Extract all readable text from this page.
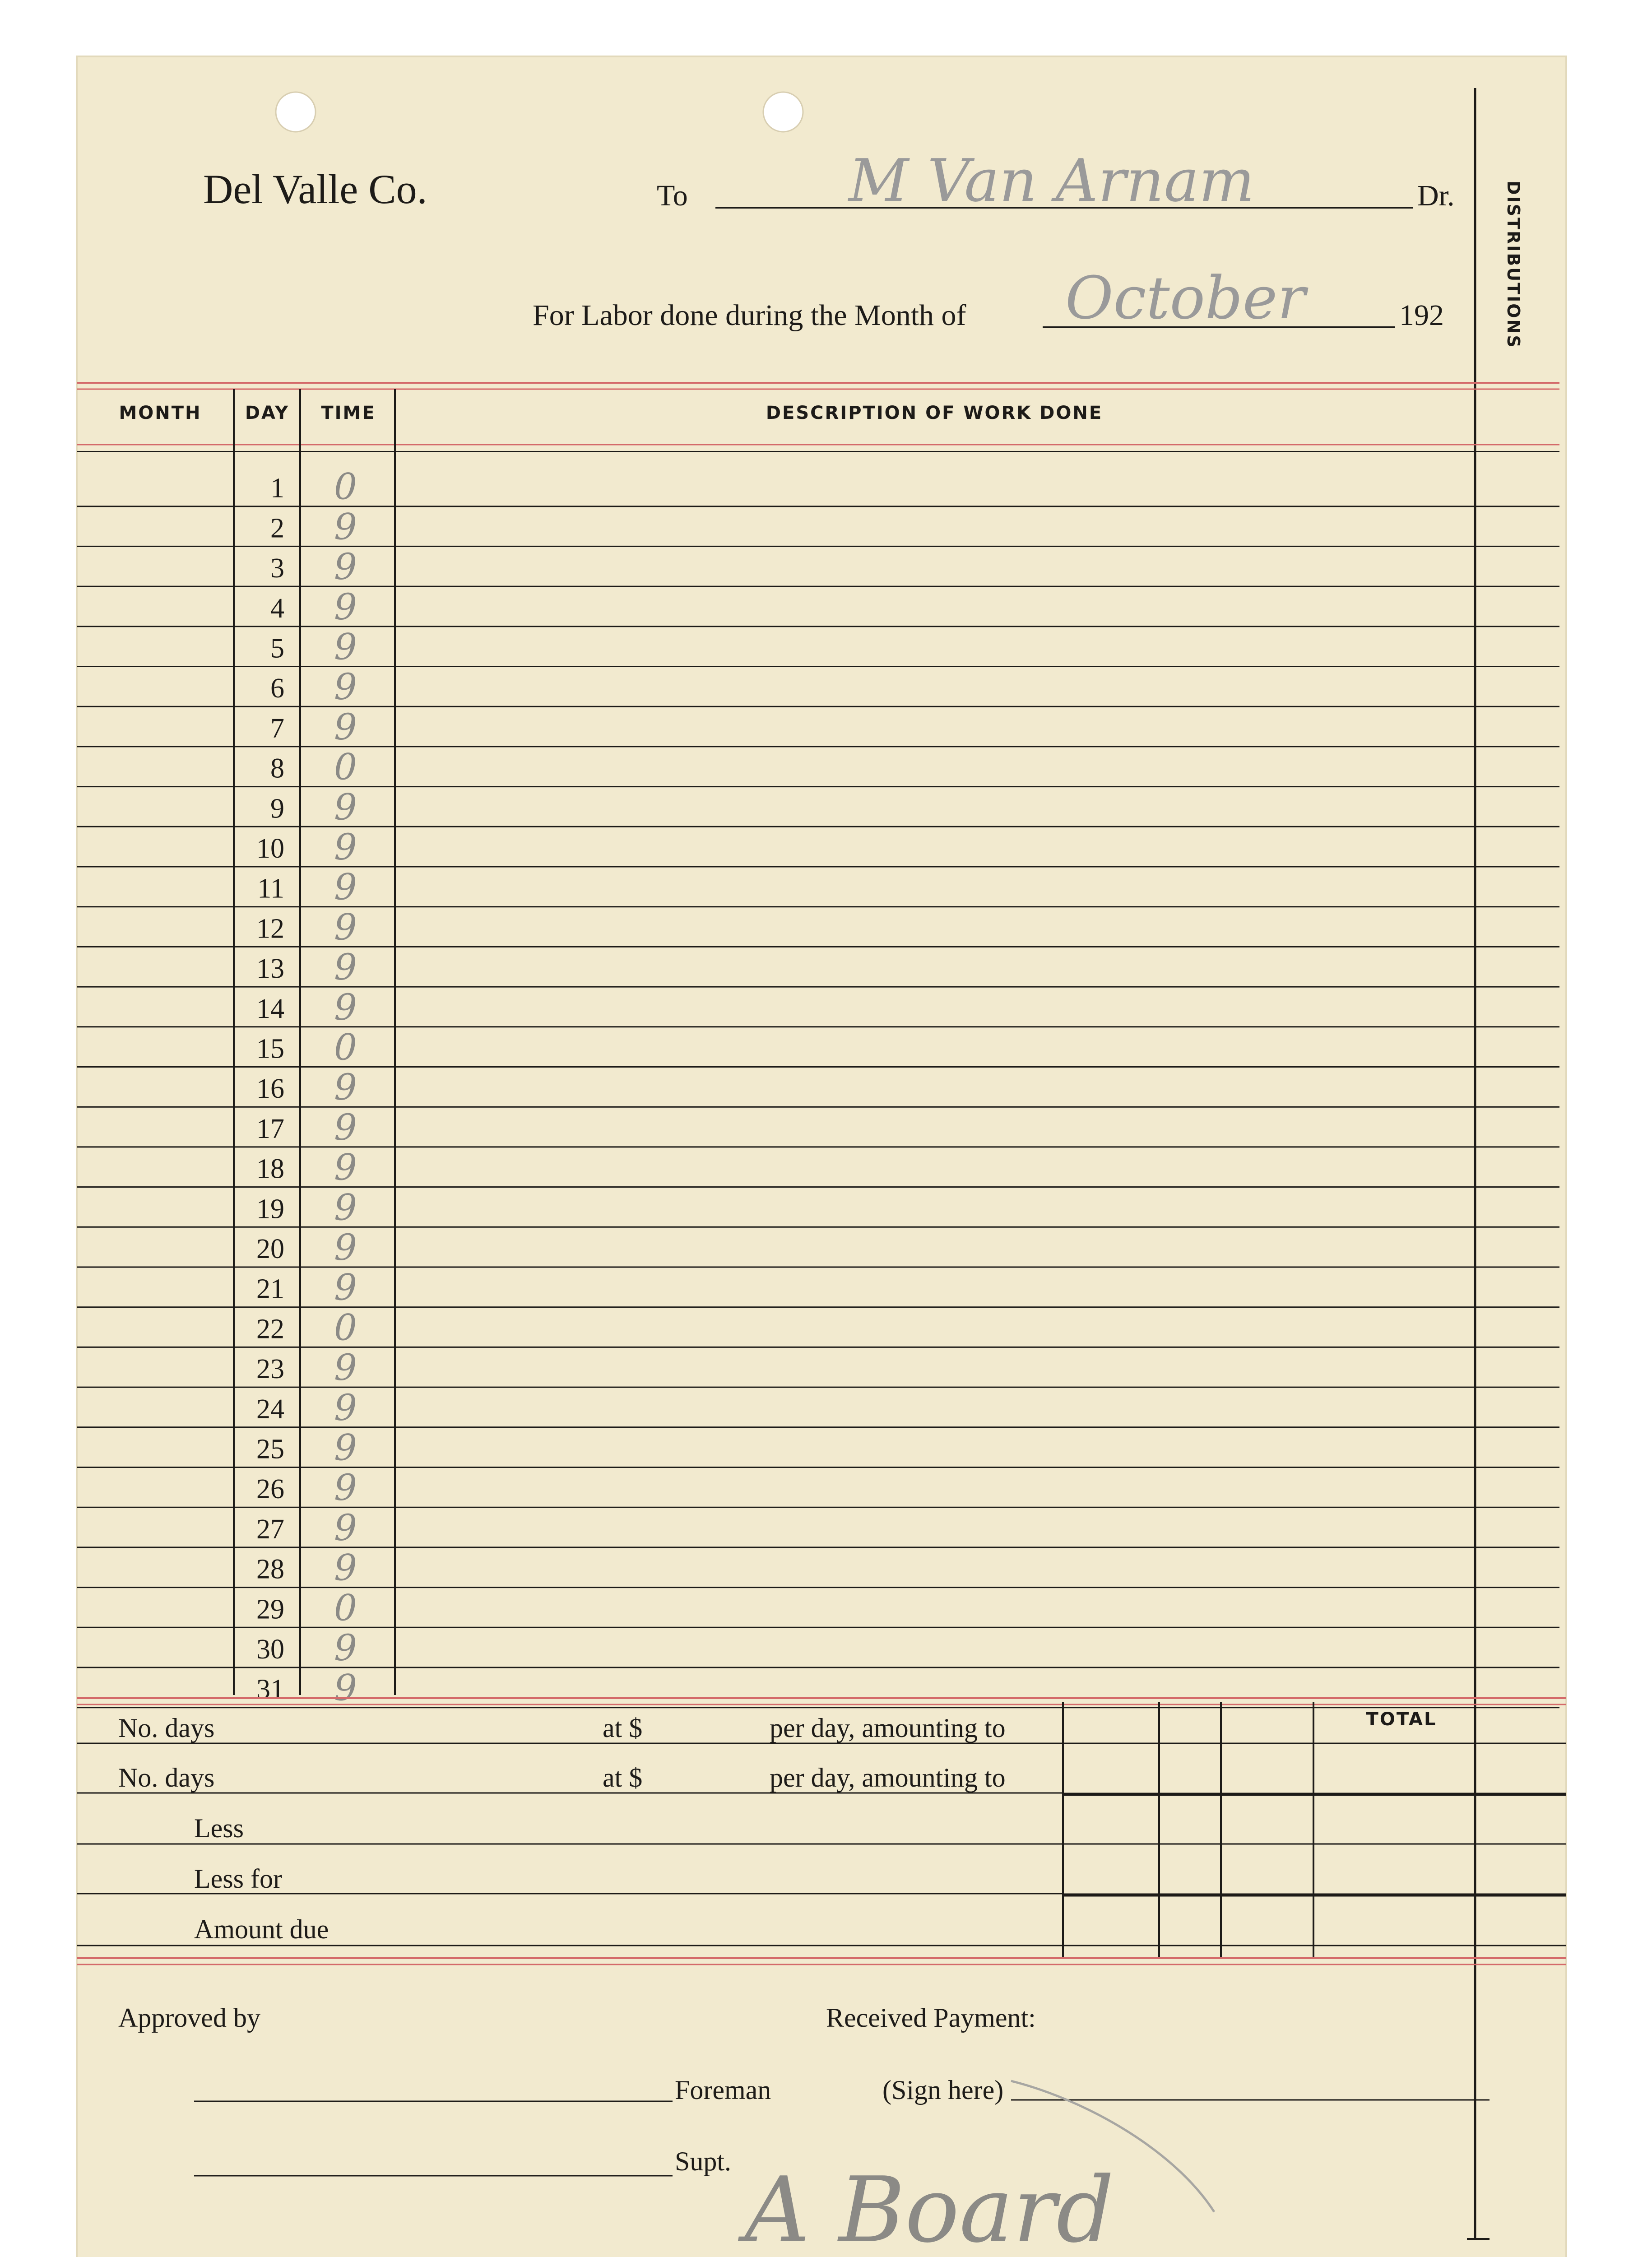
Del Valle Co.	To	M Van Arnam	Dr.
For Labor done during the Month of October	192	DISTRIBUTIONS
MONTH DAY TIME	DESCRIPTION OF WORK DONE
1 0
2 9
3 9
4 9
5 9
6 9
7 9
8 0
9 9
10 9
11 9
12 9
13 9
14 9
15 0
16 9
17 9
18 9
19 9
20 9
21 9
22 0
23 9
24 9
25 9
26 9
27 9
28 9
29 0
30 9
31 9
TOTAL
No. days	at $	per day, amounting to
No. days	at $	per day, amounting to
Less
Less for
Amount due
Approved by	Received Payment:
Foreman	(Sign here)
Supt. A Board
